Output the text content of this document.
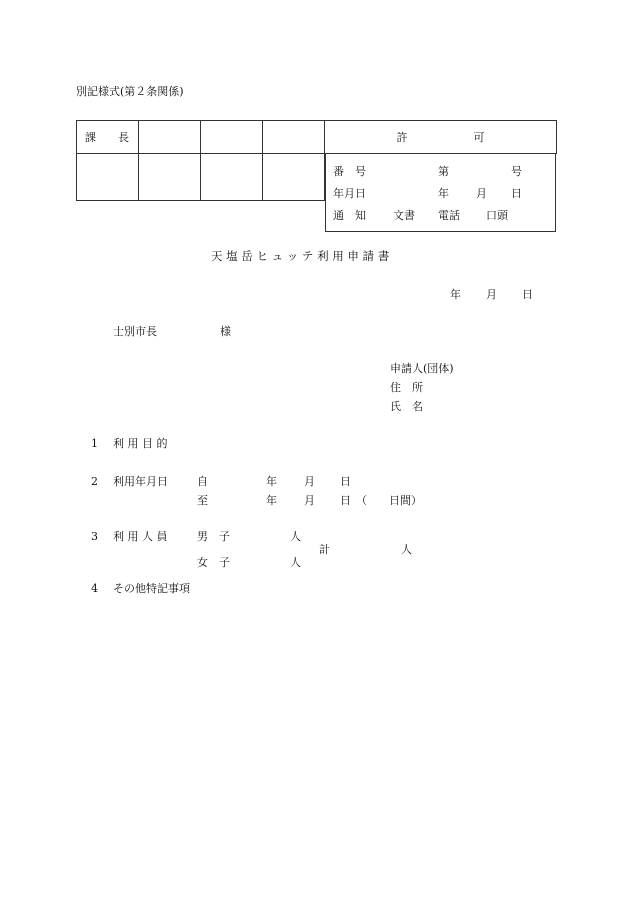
別記様式(第２条関係)
課　　長				許　　　　　　可

番　号	第	号
年月日	年 月 日
通　知 文書 電話 口頭
天 塩 岳 ヒ ュ ッ テ 利 用 申 請 書
年 月 日
士別市長	様
申請人(団体)
住　所
氏　名
1 利 用 目 的
2 利用年月日	自	年 月 日
至	年 月 日 （　　日間）
3 利 用 人 員	男　子	人
計	人
女　子	人
4 その他特記事項
